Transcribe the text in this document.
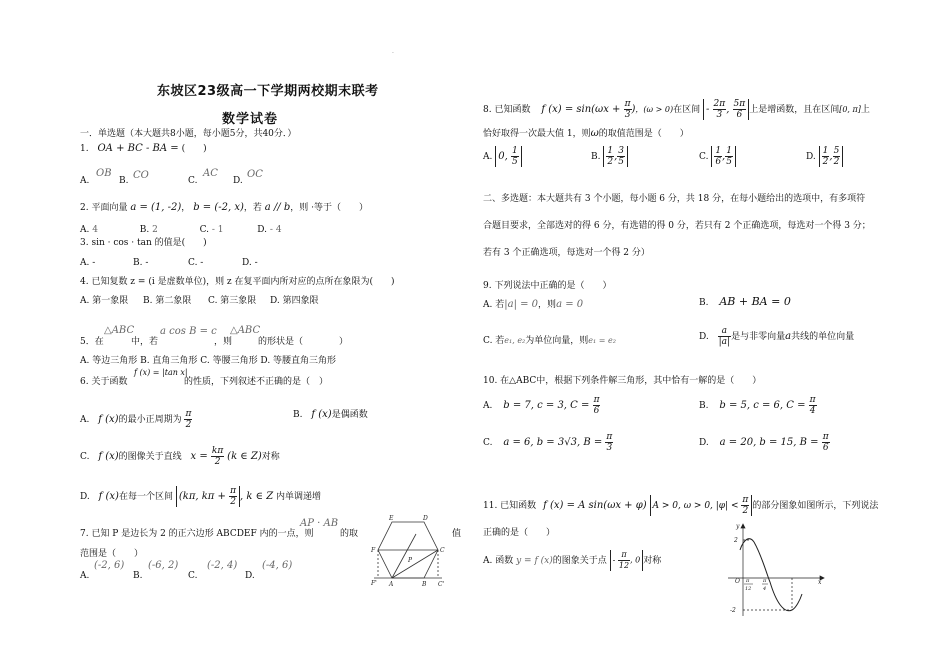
.
东坡区23级高一下学期两校期末联考
数学试卷
一．单选题（本大题共8小题，每小题5分，共40分．）
1. OA + BC - BA = (　　)
A.
OB
B. CO	C.
AC
D.
OC
2. 平面向量 a = (1, -2)， b = (-2, x)，若 a // b，则 ·等于（　　）
A. 4	B. 2	C. - 1	D. - 4
3. sin · cos · tan 的值是(　　)
A. -	B. -	C. -	D. -
4. 已知复数 z = (i 是虚数单位)，则 z 在复平面内所对应的点所在象限为(　　)
A. 第一象限 B. 第二象限 C. 第三象限 D. 第四象限
5．在
△ABC
中，若
a cos B = c
，则
△ABC
的形状是（　　　　）
A. 等边三角形 B. 直角三角形 C. 等腰三角形 D. 等腰直角三角形
6. 关于函数
f (x) = |tan x|
的性质，下列叙述不正确的是（　）
A. f (x)的最小正周期为 $\frac{\pi}{2}$	B. f (x)是偶函数
C. f (x)的图像关于直线 $x = \frac{k\pi}{2} (k$ ∈ Z)对称
D. f (x)在每一个区间 (kπ, $k\pi + \frac{\pi}{2}$ , k ∈ Z 内单调递增
7. 已知 P 是边长为 2 的正六边形 ABCDEF 内的一点，则
AP · AB
的取	值
范围是（　　）
A.
(-2, 6)
B.
(-6, 2)
C.
(-2, 4)
D.
(-4, 6)
E	D
F	C
F' A
P
B C'
8. 已知函数 f $(x) = \sin(\omega x + \frac{\pi}{3}$ )，(ω > 0)在区间 - $\frac{2\pi}{3}$ , $\frac{5\pi}{6}$ 上是增函数，且在区间[0, π]上
恰好取得一次最大值 1，则ω的取值范围是（　　）
A. 0, $\frac{1}{5}$	B. $\frac{1}{2}$ , $\frac{3}{5}$	C. $\frac{1}{6}$ , $\frac{1}{5}$	D. $\frac{1}{2}$ , $\frac{5}{2}$
二、多选题：本大题共有 3 个小题，每小题 6 分，共 18 分，在每小题给出的选项中，有多项符
合题目要求，全部选对的得 6 分，有选错的得 0 分，若只有 2 个正确选项，每选对一个得 3 分；
若有 3 个正确选项，每选对一个得 2 分）
9. 下列说法中正确的是（　　）
A. 若|a| = 0，则a = 0	B. AB + BA = 0
C. 若e₁, e₂为单位向量，则e₁ = e₂	D. $\frac{a}{|a|}$ 是与非零向量a共线的单位向量
10. 在△ABC中，根据下列条件解三角形，其中恰有一解的是（　　）
A. b = 7, c = 3, $C = \frac{\pi}{6}$	B. b = 5, c = 6, $C = \frac{\pi}{4}$
C. a = 6, b = 3√3, $B = \frac{\pi}{3}$	D. a = 20, b = 15, $B = \frac{\pi}{6}$
11. 已知函数 f (x) = A sin(ωx + φ) A > 0, ω > 0, $|\varphi| < \frac{\pi}{2}$ 的部分图象如图所示，下列说法
正确的是（　　）
A. 函数 y = f (x)的图象关于点 - $\frac{\pi}{12}$ , 0 对称
y
2
O π
12
π
4
x
-2
